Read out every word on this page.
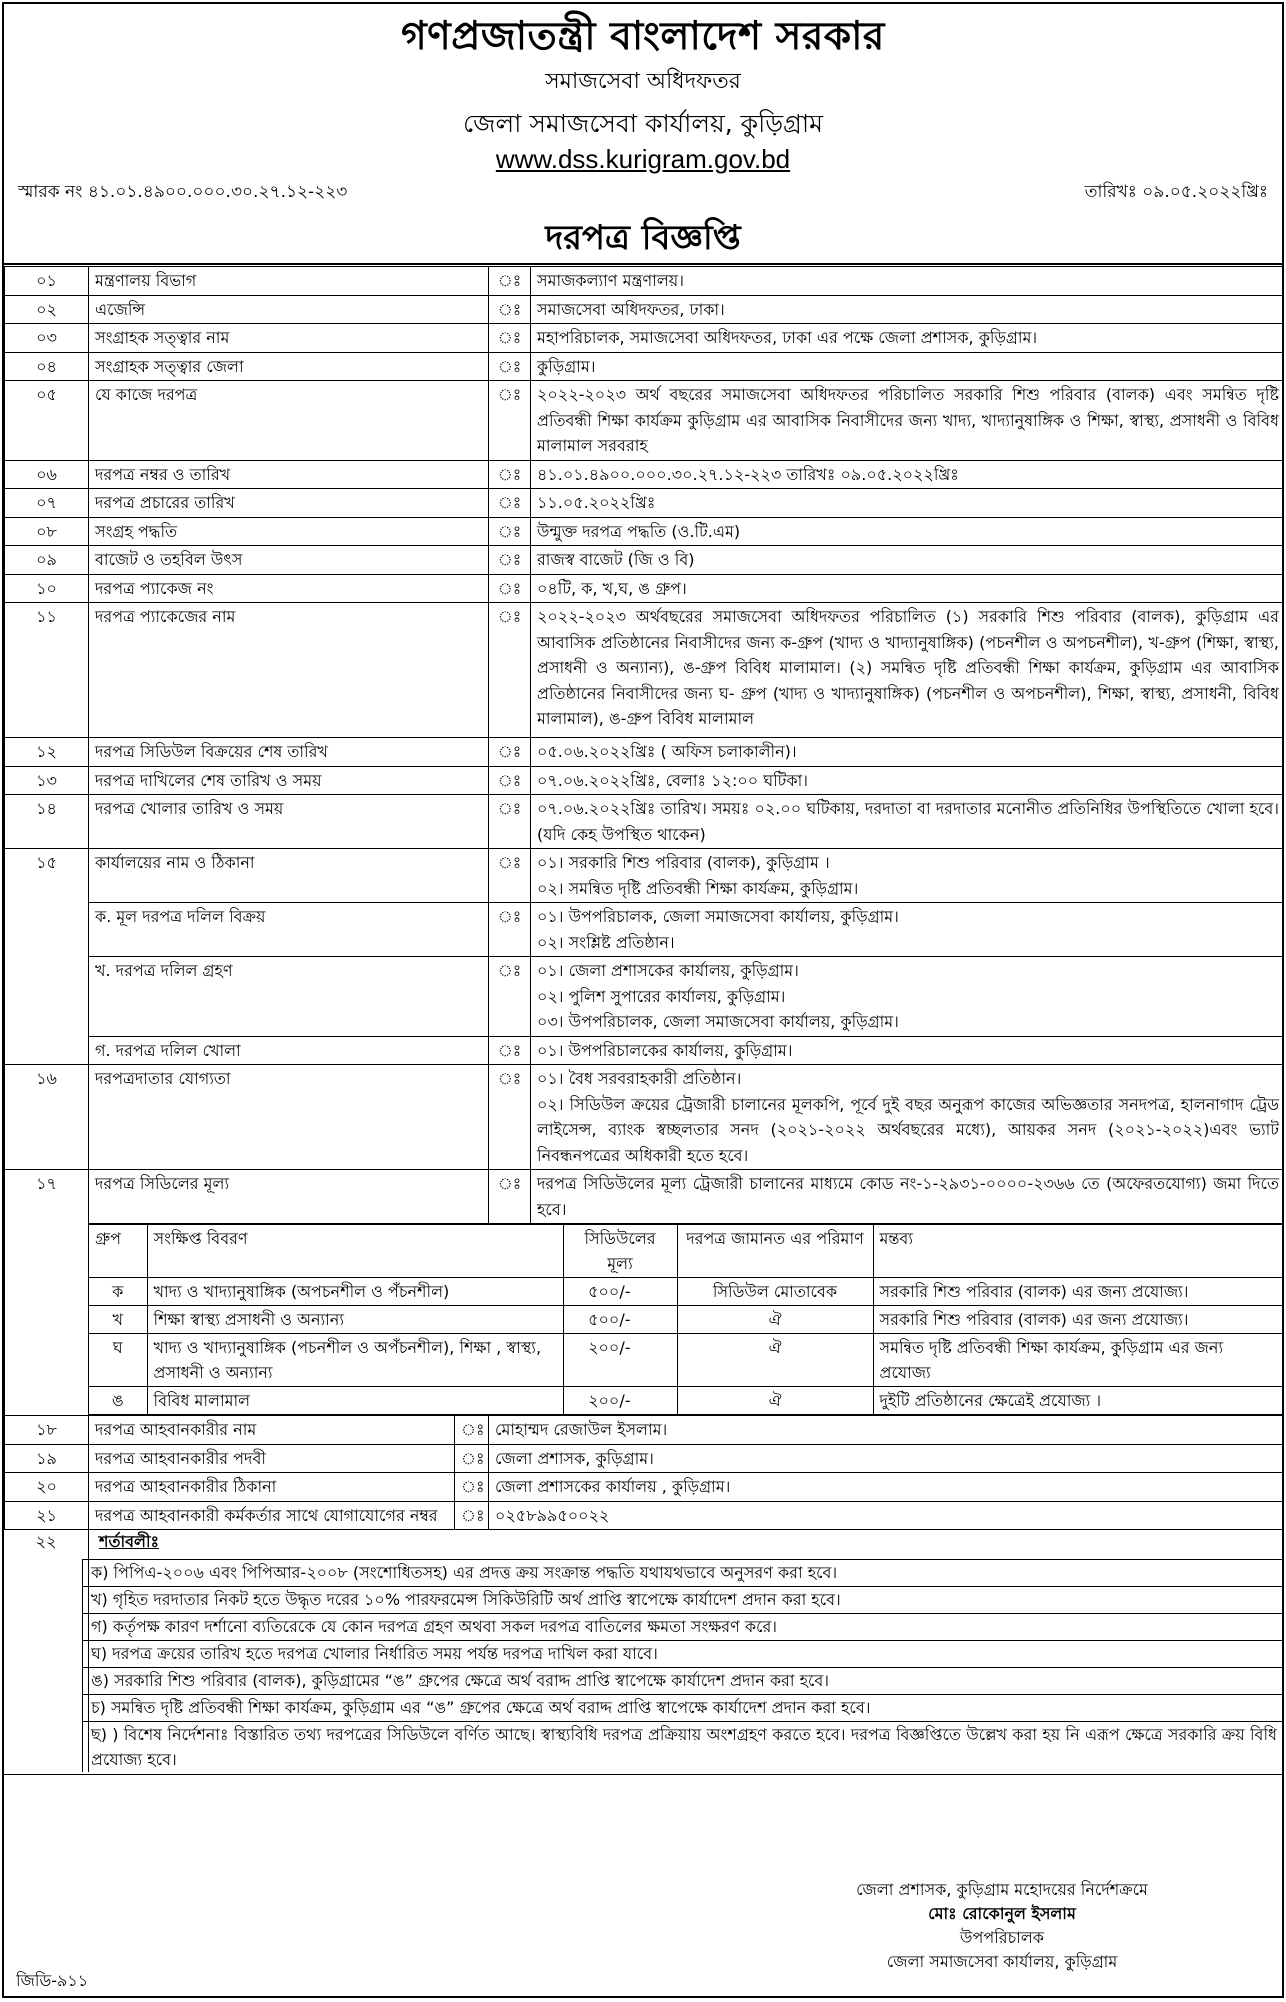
গণপ্রজাতন্ত্রী বাংলাদেশ সরকার
সমাজসেবা অধিদফতর
জেলা সমাজসেবা কার্যালয়, কুড়িগ্রাম
www.dss.kurigram.gov.bd
স্মারক নং ৪১.০১.৪৯০০.০০০.৩০.২৭.১২-২২৩	তারিখঃ ০৯.০৫.২০২২খ্রিঃ
দরপত্র বিজ্ঞপ্তি
০১	মন্ত্রণালয় বিভাগ	ঃ	সমাজকল্যাণ মন্ত্রণালয়।
০২	এজেন্সি	ঃ	সমাজসেবা অধিদফতর, ঢাকা।
০৩	সংগ্রাহক সত্ত্বার নাম	ঃ	মহাপরিচালক, সমাজসেবা অধিদফতর, ঢাকা এর পক্ষে জেলা প্রশাসক, কুড়িগ্রাম।
০৪	সংগ্রাহক সত্ত্বার জেলা	ঃ	কুড়িগ্রাম।
০৫	যে কাজে দরপত্র	ঃ	২০২২-২০২৩ অর্থ বছরের সমাজসেবা অধিদফতর পরিচালিত সরকারি শিশু পরিবার (বালক) এবং সমন্বিত দৃষ্টি প্রতিবন্ধী শিক্ষা কার্যক্রম কুড়িগ্রাম এর আবাসিক নিবাসীদের জন্য খাদ্য, খাদ্যানুষাঙ্গিক ও শিক্ষা, স্বাস্থ্য, প্রসাধনী ও বিবিধ মালামাল সরবরাহ
০৬	দরপত্র নম্বর ও তারিখ	ঃ	৪১.০১.৪৯০০.০০০.৩০.২৭.১২-২২৩ তারিখঃ ০৯.০৫.২০২২খ্রিঃ
০৭	দরপত্র প্রচারের তারিখ	ঃ	১১.০৫.২০২২খ্রিঃ
০৮	সংগ্রহ পদ্ধতি	ঃ	উন্মুক্ত দরপত্র পদ্ধতি (ও.টি.এম)
০৯	বাজেট ও তহবিল উৎস	ঃ	রাজস্ব বাজেট (জি ও বি)
১০	দরপত্র প্যাকেজ নং	ঃ	০৪টি, ক, খ,ঘ, ঙ গ্রুপ।
১১	দরপত্র প্যাকেজের নাম	ঃ	২০২২-২০২৩ অর্থবছরের সমাজসেবা অধিদফতর পরিচালিত (১) সরকারি শিশু পরিবার (বালক), কুড়িগ্রাম এর আবাসিক প্রতিষ্ঠানের নিবাসীদের জন্য ক-গ্রুপ (খাদ্য ও খাদ্যানুষাঙ্গিক) (পচনশীল ও অপচনশীল), খ-গ্রুপ (শিক্ষা, স্বাস্থ্য, প্রসাধনী ও অন্যান্য), ঙ-গ্রুপ বিবিধ মালামাল। (২) সমন্বিত দৃষ্টি প্রতিবন্ধী শিক্ষা কার্যক্রম, কুড়িগ্রাম এর আবাসিক প্রতিষ্ঠানের নিবাসীদের জন্য ঘ- গ্রুপ (খাদ্য ও খাদ্যানুষাঙ্গিক) (পচনশীল ও অপচনশীল), শিক্ষা, স্বাস্থ্য, প্রসাধনী, বিবিধ মালামাল), ঙ-গ্রুপ বিবিধ মালামাল
১২	দরপত্র সিডিউল বিক্রয়ের শেষ তারিখ	ঃ	০৫.০৬.২০২২খ্রিঃ ( অফিস চলাকালীন)।
১৩	দরপত্র দাখিলের শেষ তারিখ ও সময়	ঃ	০৭.০৬.২০২২খ্রিঃ, বেলাঃ ১২:০০ ঘটিকা।
১৪	দরপত্র খোলার তারিখ ও সময়	ঃ	০৭.০৬.২০২২খ্রিঃ তারিখ। সময়ঃ ০২.০০ ঘটিকায়, দরদাতা বা দরদাতার মনোনীত প্রতিনিধির উপস্থিতিতে খোলা হবে। (যদি কেহ উপস্থিত থাকেন)
১৫	কার্যালয়ের নাম ও ঠিকানা	ঃ	০১। সরকারি শিশু পরিবার (বালক), কুড়িগ্রাম ।
০২। সমন্বিত দৃষ্টি প্রতিবন্ধী শিক্ষা কার্যক্রম, কুড়িগ্রাম।

ক. মূল দরপত্র দলিল বিক্রয়	ঃ	০১। উপপরিচালক, জেলা সমাজসেবা কার্যালয়, কুড়িগ্রাম।
০২। সংশ্লিষ্ট প্রতিষ্ঠান।

খ. দরপত্র দলিল গ্রহণ	ঃ	০১। জেলা প্রশাসকের কার্যালয়, কুড়িগ্রাম।
০২। পুলিশ সুপারের কার্যালয়, কুড়িগ্রাম।
০৩। উপপরিচালক, জেলা সমাজসেবা কার্যালয়, কুড়িগ্রাম।

গ. দরপত্র দলিল খোলা	ঃ	০১। উপপরিচালকের কার্যালয়, কুড়িগ্রাম।

১৬	দরপত্রদাতার যোগ্যতা	ঃ	০১। বৈধ সরবরাহকারী প্রতিষ্ঠান।
০২। সিডিউল ক্রয়ের ট্রেজারী চালানের মূলকপি, পূর্বে দুই বছর অনুরূপ কাজের অভিজ্ঞতার সনদপত্র, হালনাগাদ ট্রেড লাইসেন্স, ব্যাংক স্বচ্ছলতার সনদ (২০২১-২০২২ অর্থবছরের মধ্যে), আয়কর সনদ (২০২১-২০২২)এবং ভ্যাট নিবন্ধনপত্রের অধিকারী হতে হবে।

১৭	দরপত্র সিডিলের মূল্য	ঃ	দরপত্র সিডিউলের মূল্য ট্রেজারী চালানের মাধ্যমে কোড নং-১-২৯৩১-০০০০-২৩৬৬ তে (অফেরতযোগ্য) জমা দিতে হবে।

গ্রুপ	সংক্ষিপ্ত বিবরণ	সিডিউলের মূল্য	দরপত্র জামানত এর পরিমাণ	মন্তব্য
ক	খাদ্য ও খাদ্যানুষাঙ্গিক (অপচনশীল ও পঁচনশীল)	৫০০/-	সিডিউল মোতাবেক	সরকারি শিশু পরিবার (বালক) এর জন্য প্রযোজ্য।
খ	শিক্ষা স্বাস্থ্য প্রসাধনী ও অন্যান্য	৫০০/-	ঐ	সরকারি শিশু পরিবার (বালক) এর জন্য প্রযোজ্য।
ঘ	খাদ্য ও খাদ্যানুষাঙ্গিক (পচনশীল ও অপঁচনশীল), শিক্ষা , স্বাস্থ্য, প্রসাধনী ও অন্যান্য	২০০/-	ঐ	সমন্বিত দৃষ্টি প্রতিবন্ধী শিক্ষা কার্যক্রম, কুড়িগ্রাম এর জন্য প্রযোজ্য
ঙ	বিবিধ মালামাল	২০০/-	ঐ	দুইটি প্রতিষ্ঠানের ক্ষেত্রেই প্রযোজ্য ।
১৮	দরপত্র আহবানকারীর নাম	ঃ	মোহাম্মদ রেজাউল ইসলাম।
১৯	দরপত্র আহবানকারীর পদবী	ঃ	জেলা প্রশাসক, কুড়িগ্রাম।
২০	দরপত্র আহবানকারীর ঠিকানা	ঃ	জেলা প্রশাসকের কার্যালয় , কুড়িগ্রাম।
২১	দরপত্র আহবানকারী কর্মকর্তার সাথে যোগাযোগের নম্বর	ঃ	০২৫৮৯৯৫০০২২
২২	শর্তাবলীঃ
ক) পিপিএ-২০০৬ এবং পিপিআর-২০০৮ (সংশোধিতসহ) এর প্রদত্ত ক্রয় সংক্রান্ত পদ্ধতি যথাযথভাবে অনুসরণ করা হবে।
খ) গৃহিত দরদাতার নিকট হতে উদ্ধৃত দরের ১০% পারফরমেন্স সিকিউরিটি অর্থ প্রাপ্তি স্বাপেক্ষে কার্যাদেশ প্রদান করা হবে।
গ) কর্তৃপক্ষ কারণ দর্শানো ব্যতিরেকে যে কোন দরপত্র গ্রহণ অথবা সকল দরপত্র বাতিলের ক্ষমতা সংক্ষরণ করে।
ঘ) দরপত্র ক্রয়ের তারিখ হতে দরপত্র খোলার নির্ধারিত সময় পর্যন্ত দরপত্র দাখিল করা যাবে।
ঙ) সরকারি শিশু পরিবার (বালক), কুড়িগ্রামের “ঙ” গ্রুপের ক্ষেত্রে অর্থ বরাদ্দ প্রাপ্তি স্বাপেক্ষে কার্যাদেশ প্রদান করা হবে।
চ) সমন্বিত দৃষ্টি প্রতিবন্ধী শিক্ষা কার্যক্রম, কুড়িগ্রাম এর “ঙ” গ্রুপের ক্ষেত্রে অর্থ বরাদ্দ প্রাপ্তি স্বাপেক্ষে কার্যাদেশ প্রদান করা হবে।
ছ) ) বিশেষ নির্দেশনাঃ বিস্তারিত তথ্য দরপত্রের সিডিউলে বর্ণিত আছে। স্বাস্থ্যবিধি দরপত্র প্রক্রিয়ায় অংশগ্রহণ করতে হবে। দরপত্র বিজ্ঞপ্তিতে উল্লেখ করা হয় নি এরূপ ক্ষেত্রে সরকারি ক্রয় বিধি প্রযোজ্য হবে।
জেলা প্রশাসক, কুড়িগ্রাম মহোদয়ের নির্দেশক্রমে
মোঃ রোকোনুল ইসলাম
উপপরিচালক
জেলা সমাজসেবা কার্যালয়, কুড়িগ্রাম
জিডি-৯১১
